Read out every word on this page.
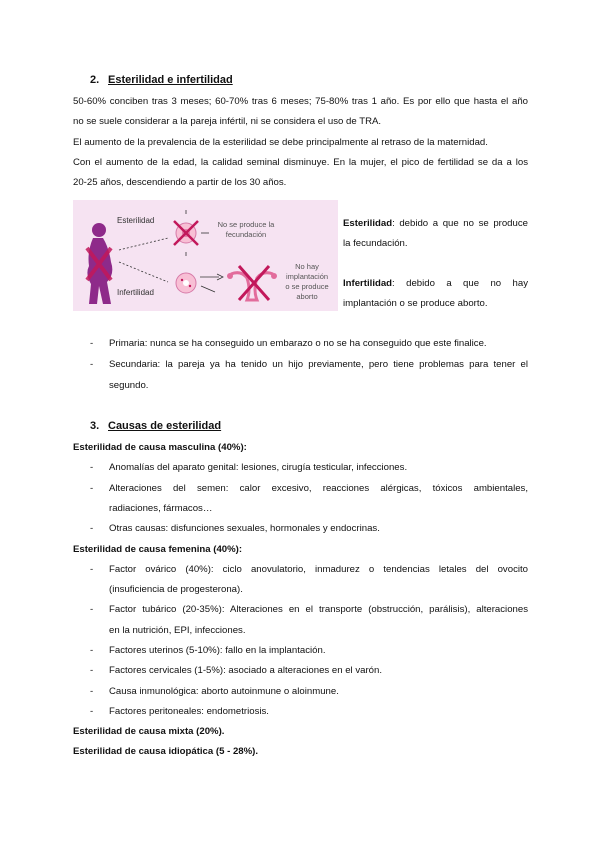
2. Esterilidad e infertilidad
50-60% conciben tras 3 meses; 60-70% tras 6 meses; 75-80% tras 1 año. Es por ello que hasta el año
no se suele considerar a la pareja infértil, ni se considera el uso de TRA.
El aumento de la prevalencia de la esterilidad se debe principalmente al retraso de la maternidad.
Con el aumento de la edad, la calidad seminal disminuye. En la mujer, el pico de fertilidad se da a los
20-25 años, descendiendo a partir de los 30 años.
Esterilidad
Infertilidad
No se produce la fecundación
No hay
implantación
o se produce
aborto
Esterilidad: debido a que no se produce
la fecundación.
Infertilidad: debido a que no hay
implantación o se produce aborto.
-	Primaria: nunca se ha conseguido un embarazo o no se ha conseguido que este finalice.
-	Secundaria: la pareja ya ha tenido un hijo previamente, pero tiene problemas para tener el
segundo.
3. Causas de esterilidad
Esterilidad de causa masculina (40%):
-	Anomalías del aparato genital: lesiones, cirugía testicular, infecciones.
-	Alteraciones del semen: calor excesivo, reacciones alérgicas, tóxicos ambientales,
radiaciones, fármacos…
-	Otras causas: disfunciones sexuales, hormonales y endocrinas.
Esterilidad de causa femenina (40%):
-	Factor ovárico (40%): ciclo anovulatorio, inmadurez o tendencias letales del ovocito
(insuficiencia de progesterona).
-	Factor tubárico (20-35%): Alteraciones en el transporte (obstrucción, parálisis), alteraciones
en la nutrición, EPI, infecciones.
-	Factores uterinos (5-10%): fallo en la implantación.
-	Factores cervicales (1-5%): asociado a alteraciones en el varón.
-	Causa inmunológica: aborto autoinmune o aloinmune.
-	Factores peritoneales: endometriosis.
Esterilidad de causa mixta (20%).
Esterilidad de causa idiopática (5 - 28%).
